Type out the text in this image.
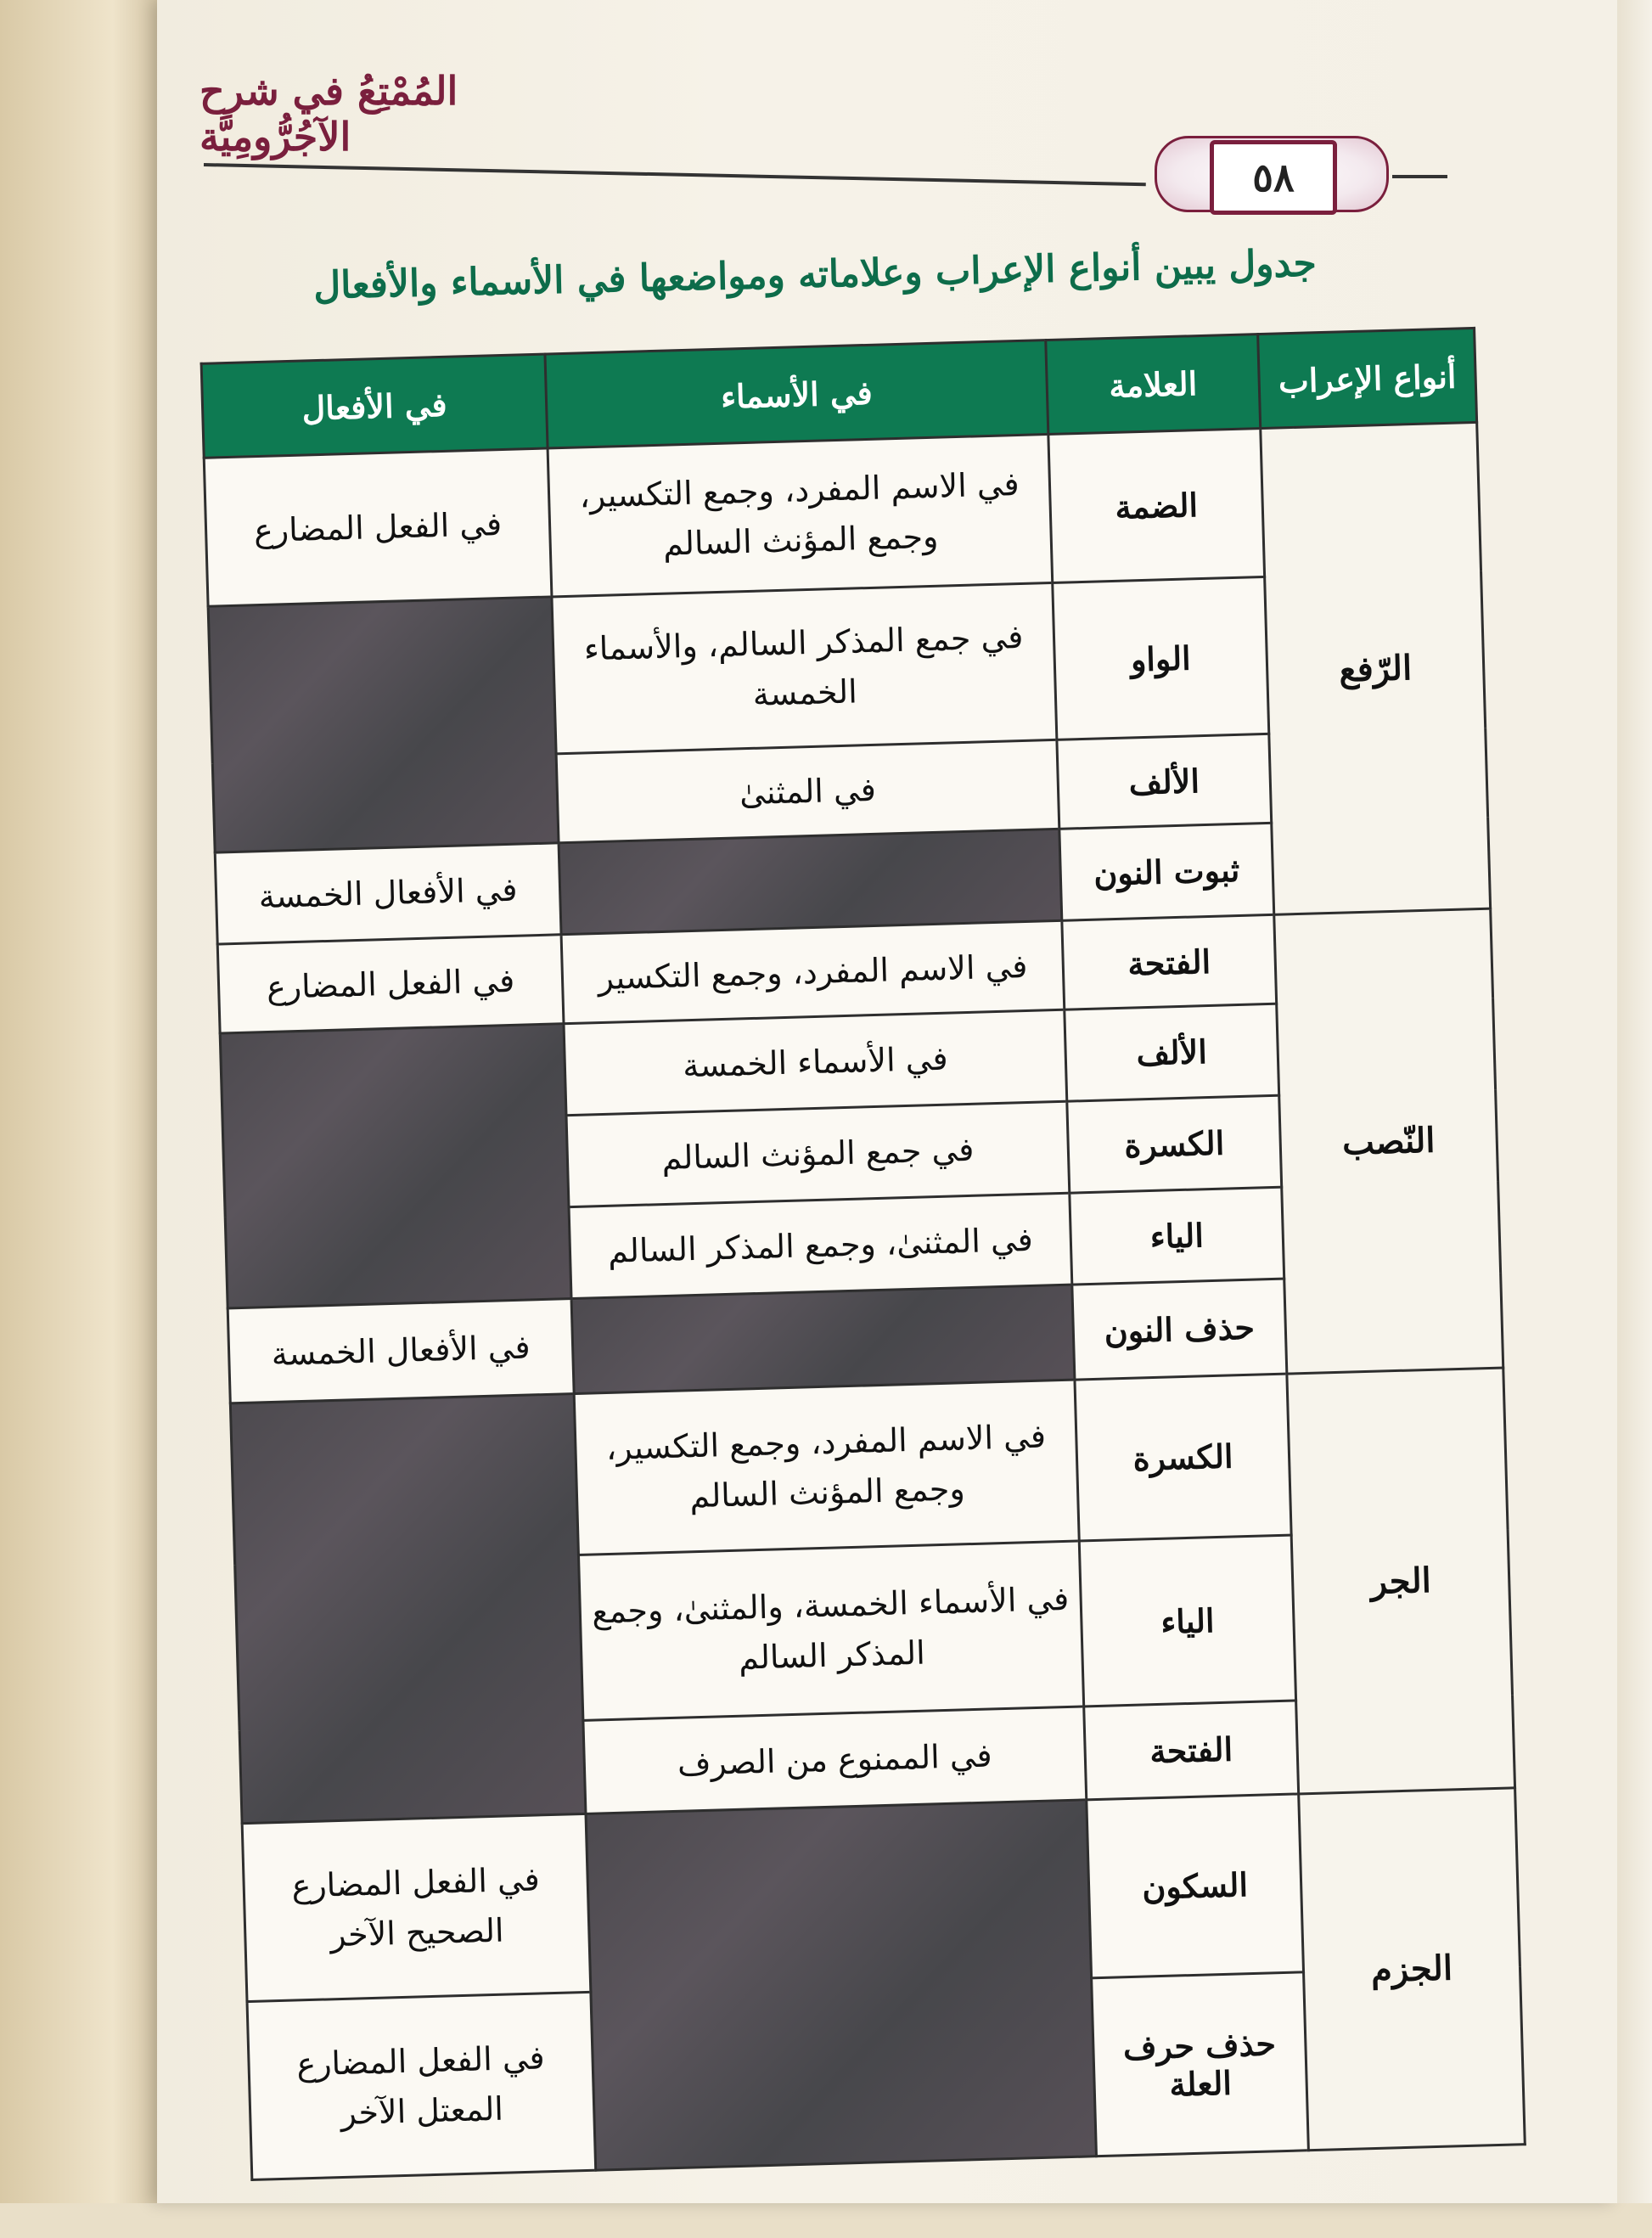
المُمْتِعُ في شرح الآجُرُّومِيَّة
٥٨
جدول يبين أنواع الإعراب وعلاماته ومواضعها في الأسماء والأفعال
أنواع الإعراب	العلامة	في الأسماء	في الأفعال
الرّفع	الضمة	في الاسم المفرد، وجمع التكسير، وجمع المؤنث السالم	في الفعل المضارع
	الواو	في جمع المذكر السالم، والأسماء الخمسة	
	الألف	في المثنىٰ	
	ثبوت النون		في الأفعال الخمسة
النّصب	الفتحة	في الاسم المفرد، وجمع التكسير	في الفعل المضارع
	الألف	في الأسماء الخمسة	
	الكسرة	في جمع المؤنث السالم	
	الياء	في المثنىٰ، وجمع المذكر السالم	
	حذف النون		في الأفعال الخمسة
الجر	الكسرة	في الاسم المفرد، وجمع التكسير، وجمع المؤنث السالم	
	الياء	في الأسماء الخمسة، والمثنىٰ، وجمع المذكر السالم	
	الفتحة	في الممنوع من الصرف	
الجزم	السكون		في الفعل المضارع الصحيح الآخر
	حذف حرف العلة		في الفعل المضارع المعتل الآخر
